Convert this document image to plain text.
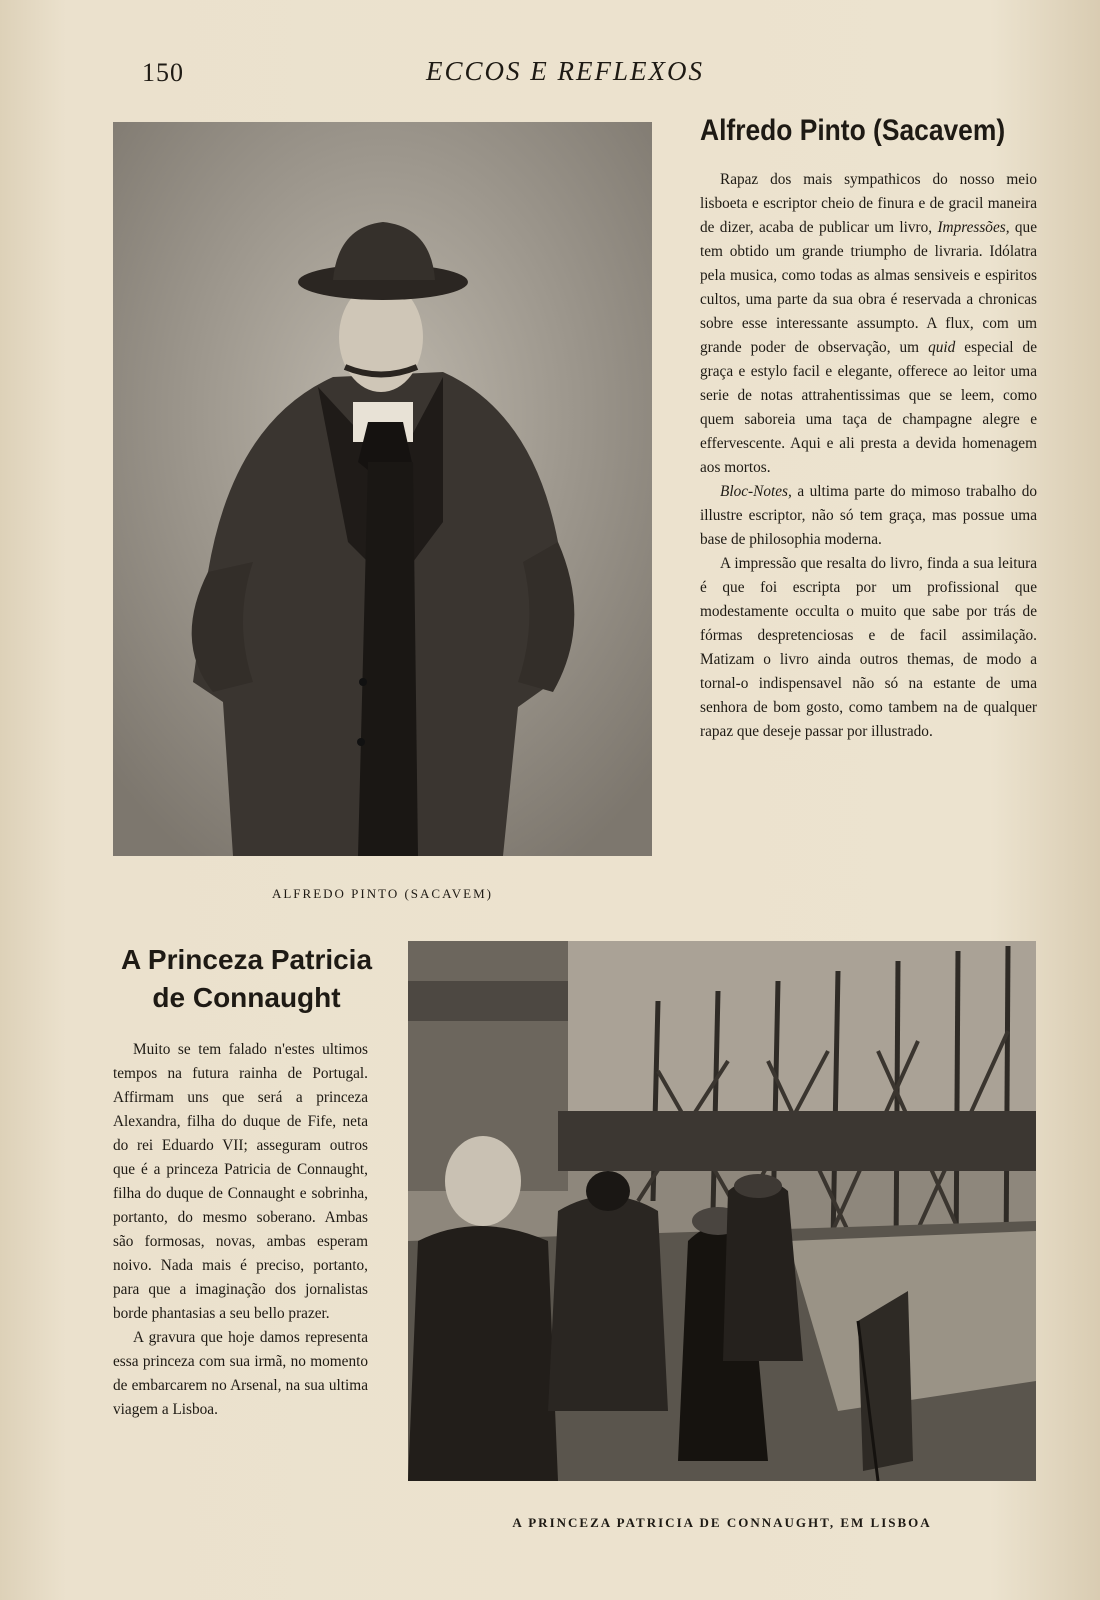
150	ECCOS E REFLEXOS
ALFREDO PINTO (SACAVEM)
Alfredo Pinto (Sacavem)

Rapaz dos mais sympathicos do nosso meio lisboeta e escriptor cheio de finura e de gracil maneira de dizer, acaba de publicar um livro, Impressões, que tem obtido um grande triumpho de livraria. Idólatra pela musica, como todas as almas sensiveis e espiritos cultos, uma parte da sua obra é reservada a chronicas sobre esse interessante assumpto. A flux, com um grande poder de observação, um quid especial de graça e estylo facil e elegante, offerece ao leitor uma serie de notas attrahentissimas que se leem, como quem saboreia uma taça de champagne alegre e effervescente. Aqui e ali presta a devida homenagem aos mortos.

Bloc-Notes, a ultima parte do mimoso trabalho do illustre escriptor, não só tem graça, mas possue uma base de philosophia moderna.

A impressão que resalta do livro, finda a sua leitura é que foi escripta por um profissional que modestamente occulta o muito que sabe por trás de fórmas despretenciosas e de facil assimilação. Matizam o livro ainda outros themas, de modo a tornal-o indispensavel não só na estante de uma senhora de bom gosto, como tambem na de qualquer rapaz que deseje passar por illustrado.

A Princeza Patricia
de Connaught

Muito se tem falado n'estes ultimos tempos na futura rainha de Portugal. Affirmam uns que será a princeza Alexandra, filha do duque de Fife, neta do rei Eduardo VII; asseguram outros que é a princeza Patricia de Connaught, filha do duque de Connaught e sobrinha, portanto, do mesmo soberano. Ambas são formosas, novas, ambas esperam noivo. Nada mais é preciso, portanto, para que a imaginação dos jornalistas borde phantasias a seu bello prazer.

A gravura que hoje damos representa essa princeza com sua irmã, no momento de embarcarem no Arsenal, na sua ultima viagem a Lisboa.

A PRINCEZA PATRICIA DE CONNAUGHT, EM LISBOA
